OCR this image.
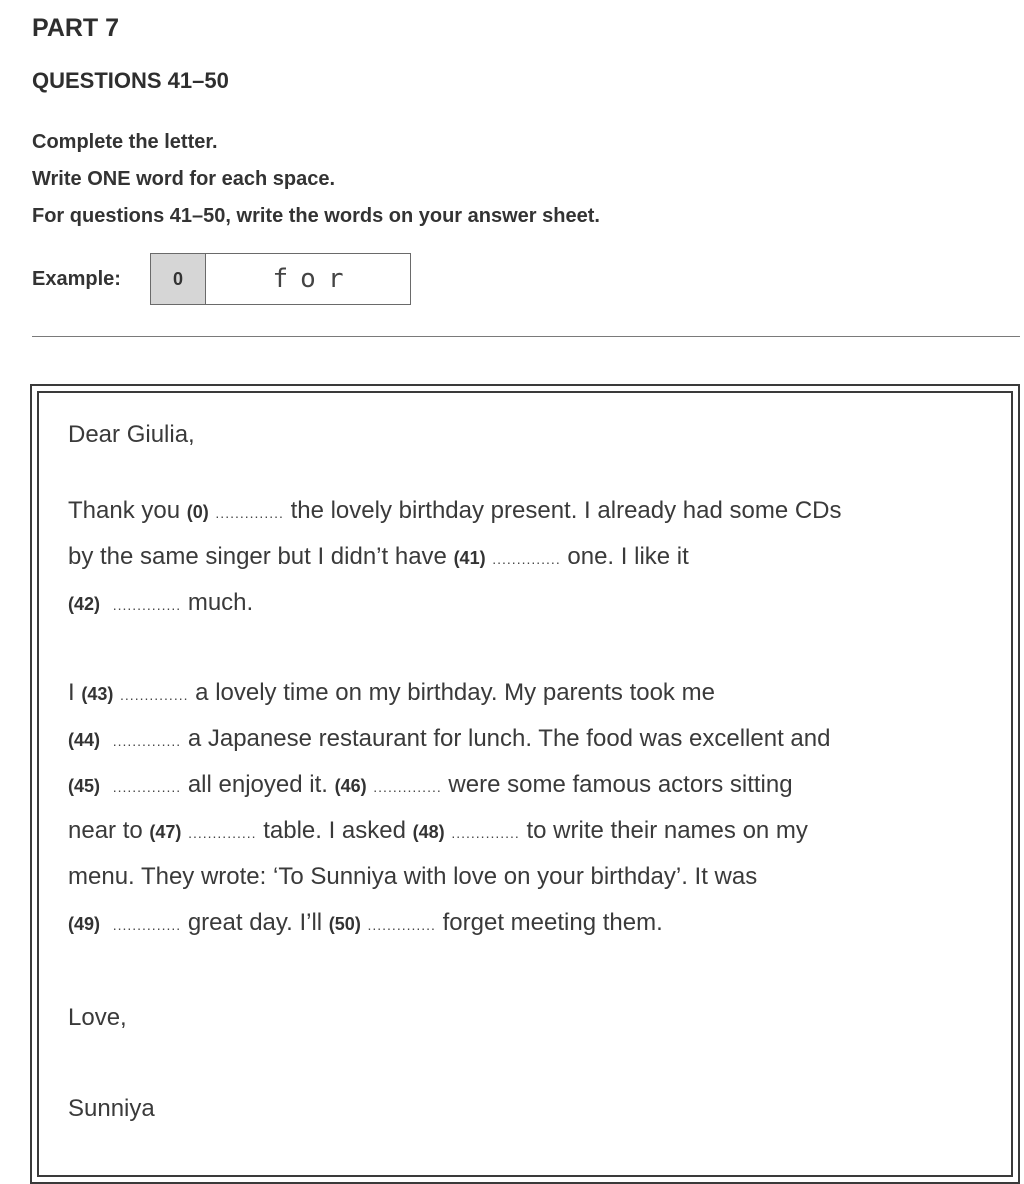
PART 7
QUESTIONS 41–50
Complete the letter.
Write ONE word for each space.
For questions 41–50, write the words on your answer sheet.
Example:	0	for

Dear Giulia,

Thank you (0) .............. the lovely birthday present. I already had some CDs

by the same singer but I didn’t have (41) .............. one. I like it

(42) .............. much.

I (43) .............. a lovely time on my birthday. My parents took me

(44) .............. a Japanese restaurant for lunch. The food was excellent and

(45) .............. all enjoyed it. (46) .............. were some famous actors sitting

near to (47) .............. table. I asked (48) .............. to write their names on my

menu. They wrote: ‘To Sunniya with love on your birthday’. It was

(49) .............. great day. I’ll (50) .............. forget meeting them.

Love,

Sunniya
